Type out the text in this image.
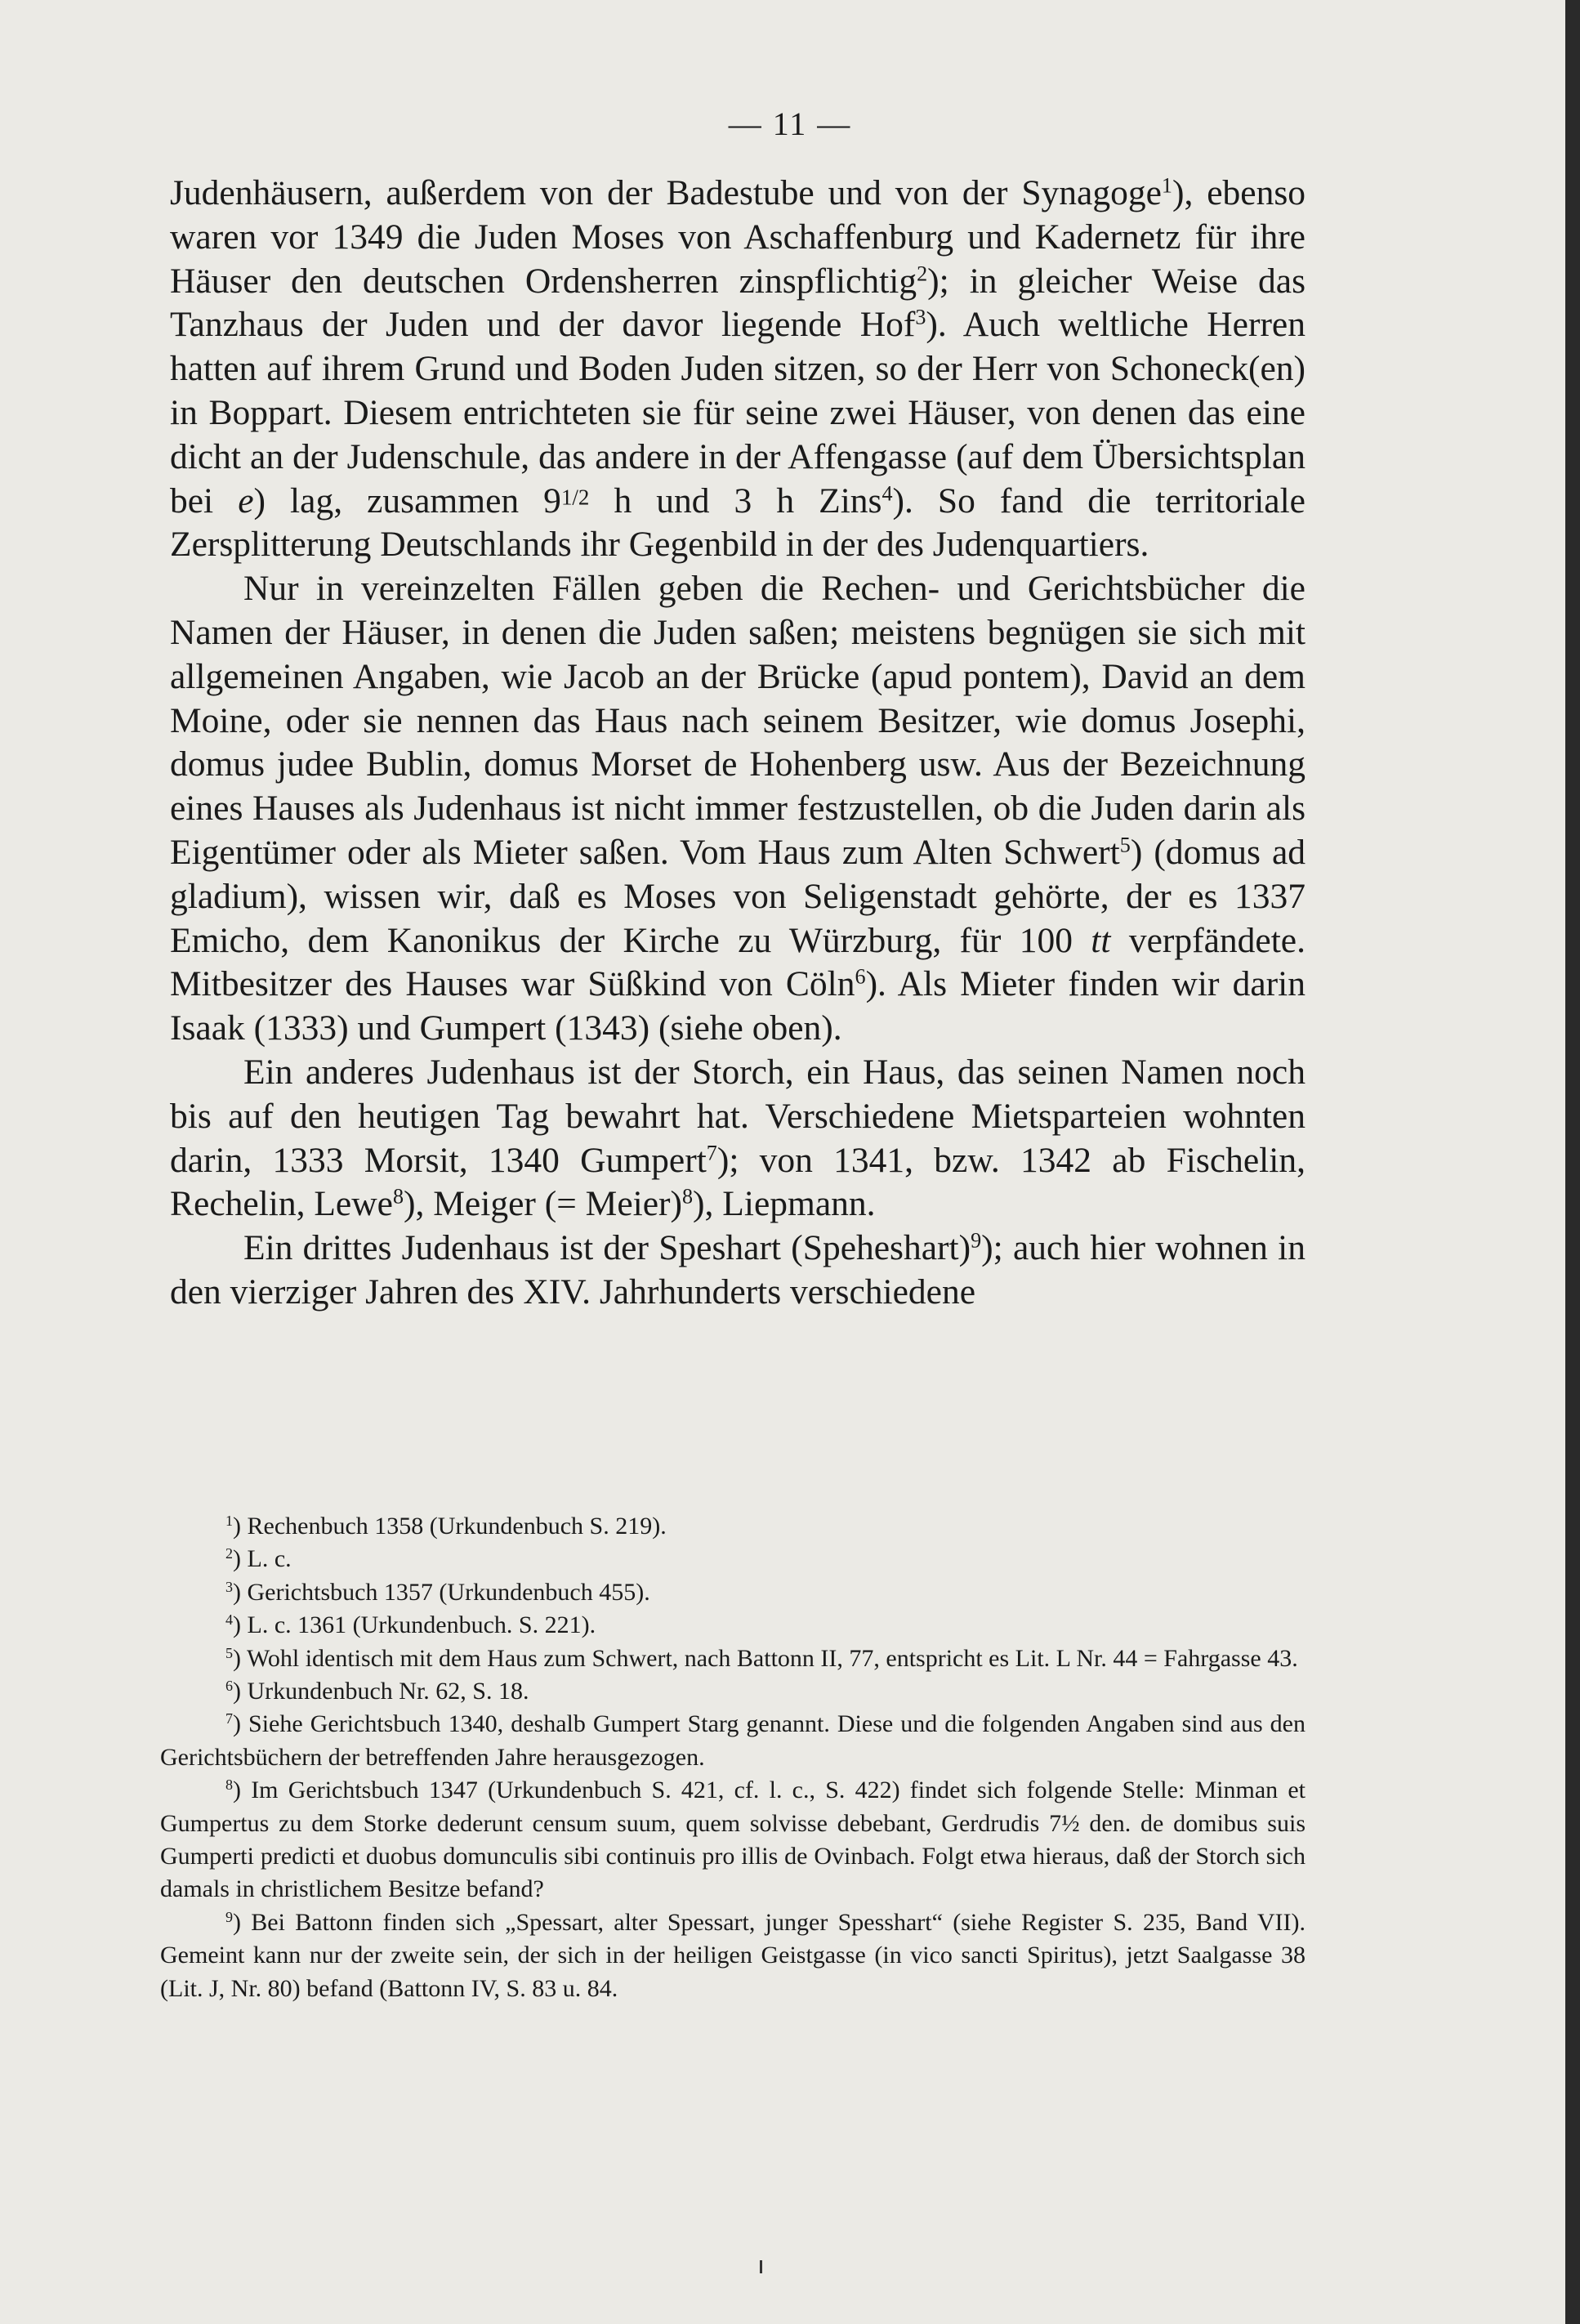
— 11 —

Judenhäusern, außerdem von der Badestube und von der Synagoge$^1$), ebenso waren vor 1349 die Juden Moses von Aschaffenburg und Kadernetz für ihre Häuser den deutschen Ordensherren zinspflichtig$^2$); in gleicher Weise das Tanzhaus der Juden und der davor liegende Hof$^3$). Auch weltliche Herren hatten auf ihrem Grund und Boden Juden sitzen, so der Herr von Schoneck(en) in Boppart. Diesem entrichteten sie für seine zwei Häuser, von denen das eine dicht an der Judenschule, das andere in der Affengasse (auf dem Übersichtsplan bei e) lag, zusammen $9^{1/2}$ h und 3 h Zins$^4$). So fand die territoriale Zersplitterung Deutschlands ihr Gegenbild in der des Judenquartiers.

Nur in vereinzelten Fällen geben die Rechen- und Gerichtsbücher die Namen der Häuser, in denen die Juden saßen; meistens begnügen sie sich mit allgemeinen Angaben, wie Jacob an der Brücke (apud pontem), David an dem Moine, oder sie nennen das Haus nach seinem Besitzer, wie domus Josephi, domus judee Bublin, domus Morset de Hohenberg usw. Aus der Bezeichnung eines Hauses als Judenhaus ist nicht immer festzustellen, ob die Juden darin als Eigentümer oder als Mieter saßen. Vom Haus zum Alten Schwert$^5$) (domus ad gladium), wissen wir, daß es Moses von Seligenstadt gehörte, der es 1337 Emicho, dem Kanonikus der Kirche zu Würzburg, für 100 tt verpfändete. Mitbesitzer des Hauses war Süßkind von Cöln$^6$). Als Mieter finden wir darin Isaak (1333) und Gumpert (1343) (siehe oben).

Ein anderes Judenhaus ist der Storch, ein Haus, das seinen Namen noch bis auf den heutigen Tag bewahrt hat. Verschiedene Mietsparteien wohnten darin, 1333 Morsit, 1340 Gumpert$^7$); von 1341, bzw. 1342 ab Fischelin, Rechelin, Lewe$^8$), Meiger (= Meier)$^8$), Liepmann.

Ein drittes Judenhaus ist der Speshart (Speheshart)$^9$); auch hier wohnen in den vierziger Jahren des XIV. Jahrhunderts verschiedene

$^1$) Rechenbuch 1358 (Urkundenbuch S. 219).

$^2$) L. c.

$^3$) Gerichtsbuch 1357 (Urkundenbuch 455).

$^4$) L. c. 1361 (Urkundenbuch. S. 221).

$^5$) Wohl identisch mit dem Haus zum Schwert, nach Battonn II, 77, entspricht es Lit. L Nr. 44 = Fahrgasse 43.

$^6$) Urkundenbuch Nr. 62, S. 18.

$^7$) Siehe Gerichtsbuch 1340, deshalb Gumpert Starg genannt. Diese und die folgenden Angaben sind aus den Gerichtsbüchern der betreffenden Jahre herausgezogen.

$^8$) Im Gerichtsbuch 1347 (Urkundenbuch S. 421, cf. l. c., S. 422) findet sich folgende Stelle: Minman et Gumpertus zu dem Storke dederunt censum suum, quem solvisse debebant, Gerdrudis 7½ den. de domibus suis Gumperti predicti et duobus domunculis sibi continuis pro illis de Ovinbach. Folgt etwa hieraus, daß der Storch sich damals in christlichem Besitze befand?

$^9$) Bei Battonn finden sich „Spessart, alter Spessart, junger Spesshart“ (siehe Register S. 235, Band VII). Gemeint kann nur der zweite sein, der sich in der heiligen Geistgasse (in vico sancti Spiritus), jetzt Saalgasse 38 (Lit. J, Nr. 80) befand (Battonn IV, S. 83 u. 84.
